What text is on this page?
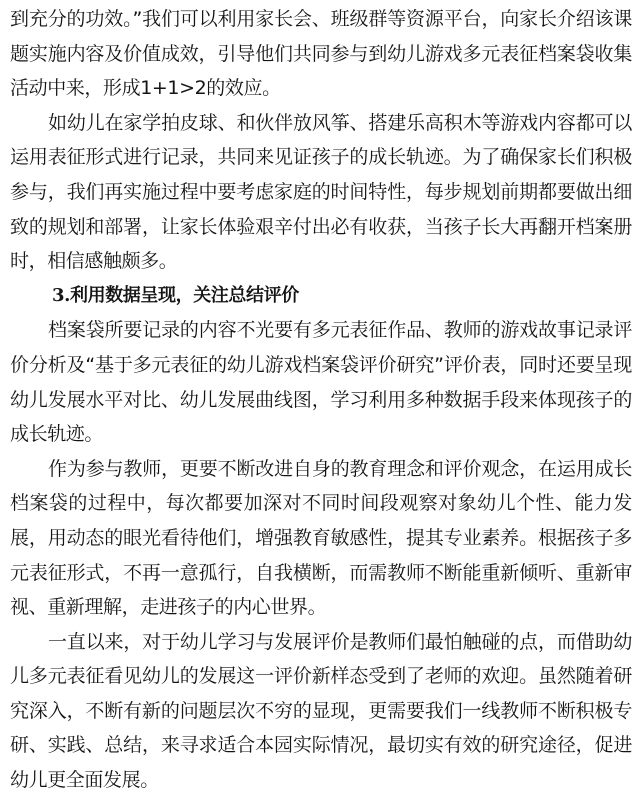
到充分的功效。”我们可以利用家长会、班级群等资源平台，向家长介绍该课题实施内容及价值成效，引导他们共同参与到幼儿游戏多元表征档案袋收集活动中来，形成1+1>2的效应。

如幼儿在家学拍皮球、和伙伴放风筝、搭建乐高积木等游戏内容都可以运用表征形式进行记录，共同来见证孩子的成长轨迹。为了确保家长们积极参与，我们再实施过程中要考虑家庭的时间特性，每步规划前期都要做出细致的规划和部署，让家长体验艰辛付出必有收获，当孩子长大再翻开档案册时，相信感触颇多。

3.利用数据呈现，关注总结评价

档案袋所要记录的内容不光要有多元表征作品、教师的游戏故事记录评价分析及“基于多元表征的幼儿游戏档案袋评价研究”评价表，同时还要呈现幼儿发展水平对比、幼儿发展曲线图，学习利用多种数据手段来体现孩子的成长轨迹。

作为参与教师，更要不断改进自身的教育理念和评价观念，在运用成长档案袋的过程中，每次都要加深对不同时间段观察对象幼儿个性、能力发展，用动态的眼光看待他们，增强教育敏感性，提其专业素养。根据孩子多元表征形式，不再一意孤行，自我横断，而需教师不断能重新倾听、重新审视、重新理解，走进孩子的内心世界。

一直以来，对于幼儿学习与发展评价是教师们最怕触碰的点，而借助幼儿多元表征看见幼儿的发展这一评价新样态受到了老师的欢迎。虽然随着研究深入，不断有新的问题层次不穷的显现，更需要我们一线教师不断积极专研、实践、总结，来寻求适合本园实际情况，最切实有效的研究途径，促进幼儿更全面发展。
